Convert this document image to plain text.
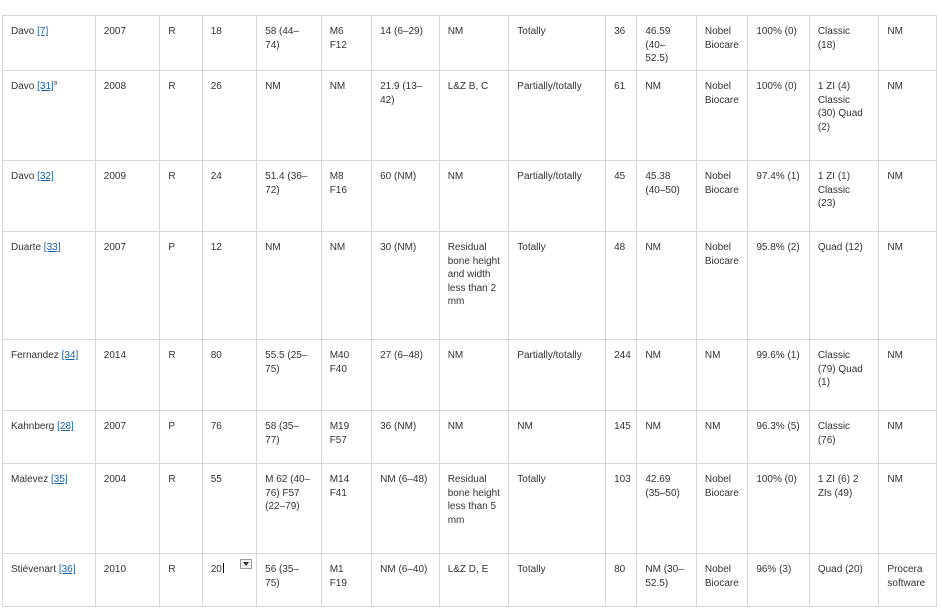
Davo [7]	2007	R	18	58 (44–74)	M6 F12	14 (6–29)	NM	Totally	36	46.59 (40–52.5)	Nobel Biocare	100% (0)	Classic (18)	NM
Davo $[31]^a$	2008	R	26	NM	NM	21.9 (13–42)	L&Z B, C	Partially/totally	61	NM	Nobel Biocare	100% (0)	1 ZI (4) Classic (30) Quad (2)	NM
Davo [32]	2009	R	24	51.4 (36–72)	M8 F16	60 (NM)	NM	Partially/totally	45	45.38 (40–50)	Nobel Biocare	97.4% (1)	1 ZI (1) Classic (23)	NM
Duarte [33]	2007	P	12	NM	NM	30 (NM)	Residual bone height and width less than 2 mm	Totally	48	NM	Nobel Biocare	95.8% (2)	Quad (12)	NM
Fernandez [34]	2014	R	80	55.5 (25–75)	M40 F40	27 (6–48)	NM	Partially/totally	244	NM	NM	99.6% (1)	Classic (79) Quad (1)	NM
Kahnberg [28]	2007	P	76	58 (35–77)	M19 F57	36 (NM)	NM	NM	145	NM	NM	96.3% (5)	Classic (76)	NM
Malevez [35]	2004	R	55	M 62 (40–76) F57 (22–79)	M14 F41	NM (6–48)	Residual bone height less than 5 mm	Totally	103	42.69 (35–50)	Nobel Biocare	100% (0)	1 ZI (6) 2 ZIs (49)	NM
Stiévenart [36]	2010	R	20	56 (35–75)	M1 F19	NM (6–40)	L&Z D, E	Totally	80	NM (30–52.5)	Nobel Biocare	96% (3)	Quad (20)	Procera software
